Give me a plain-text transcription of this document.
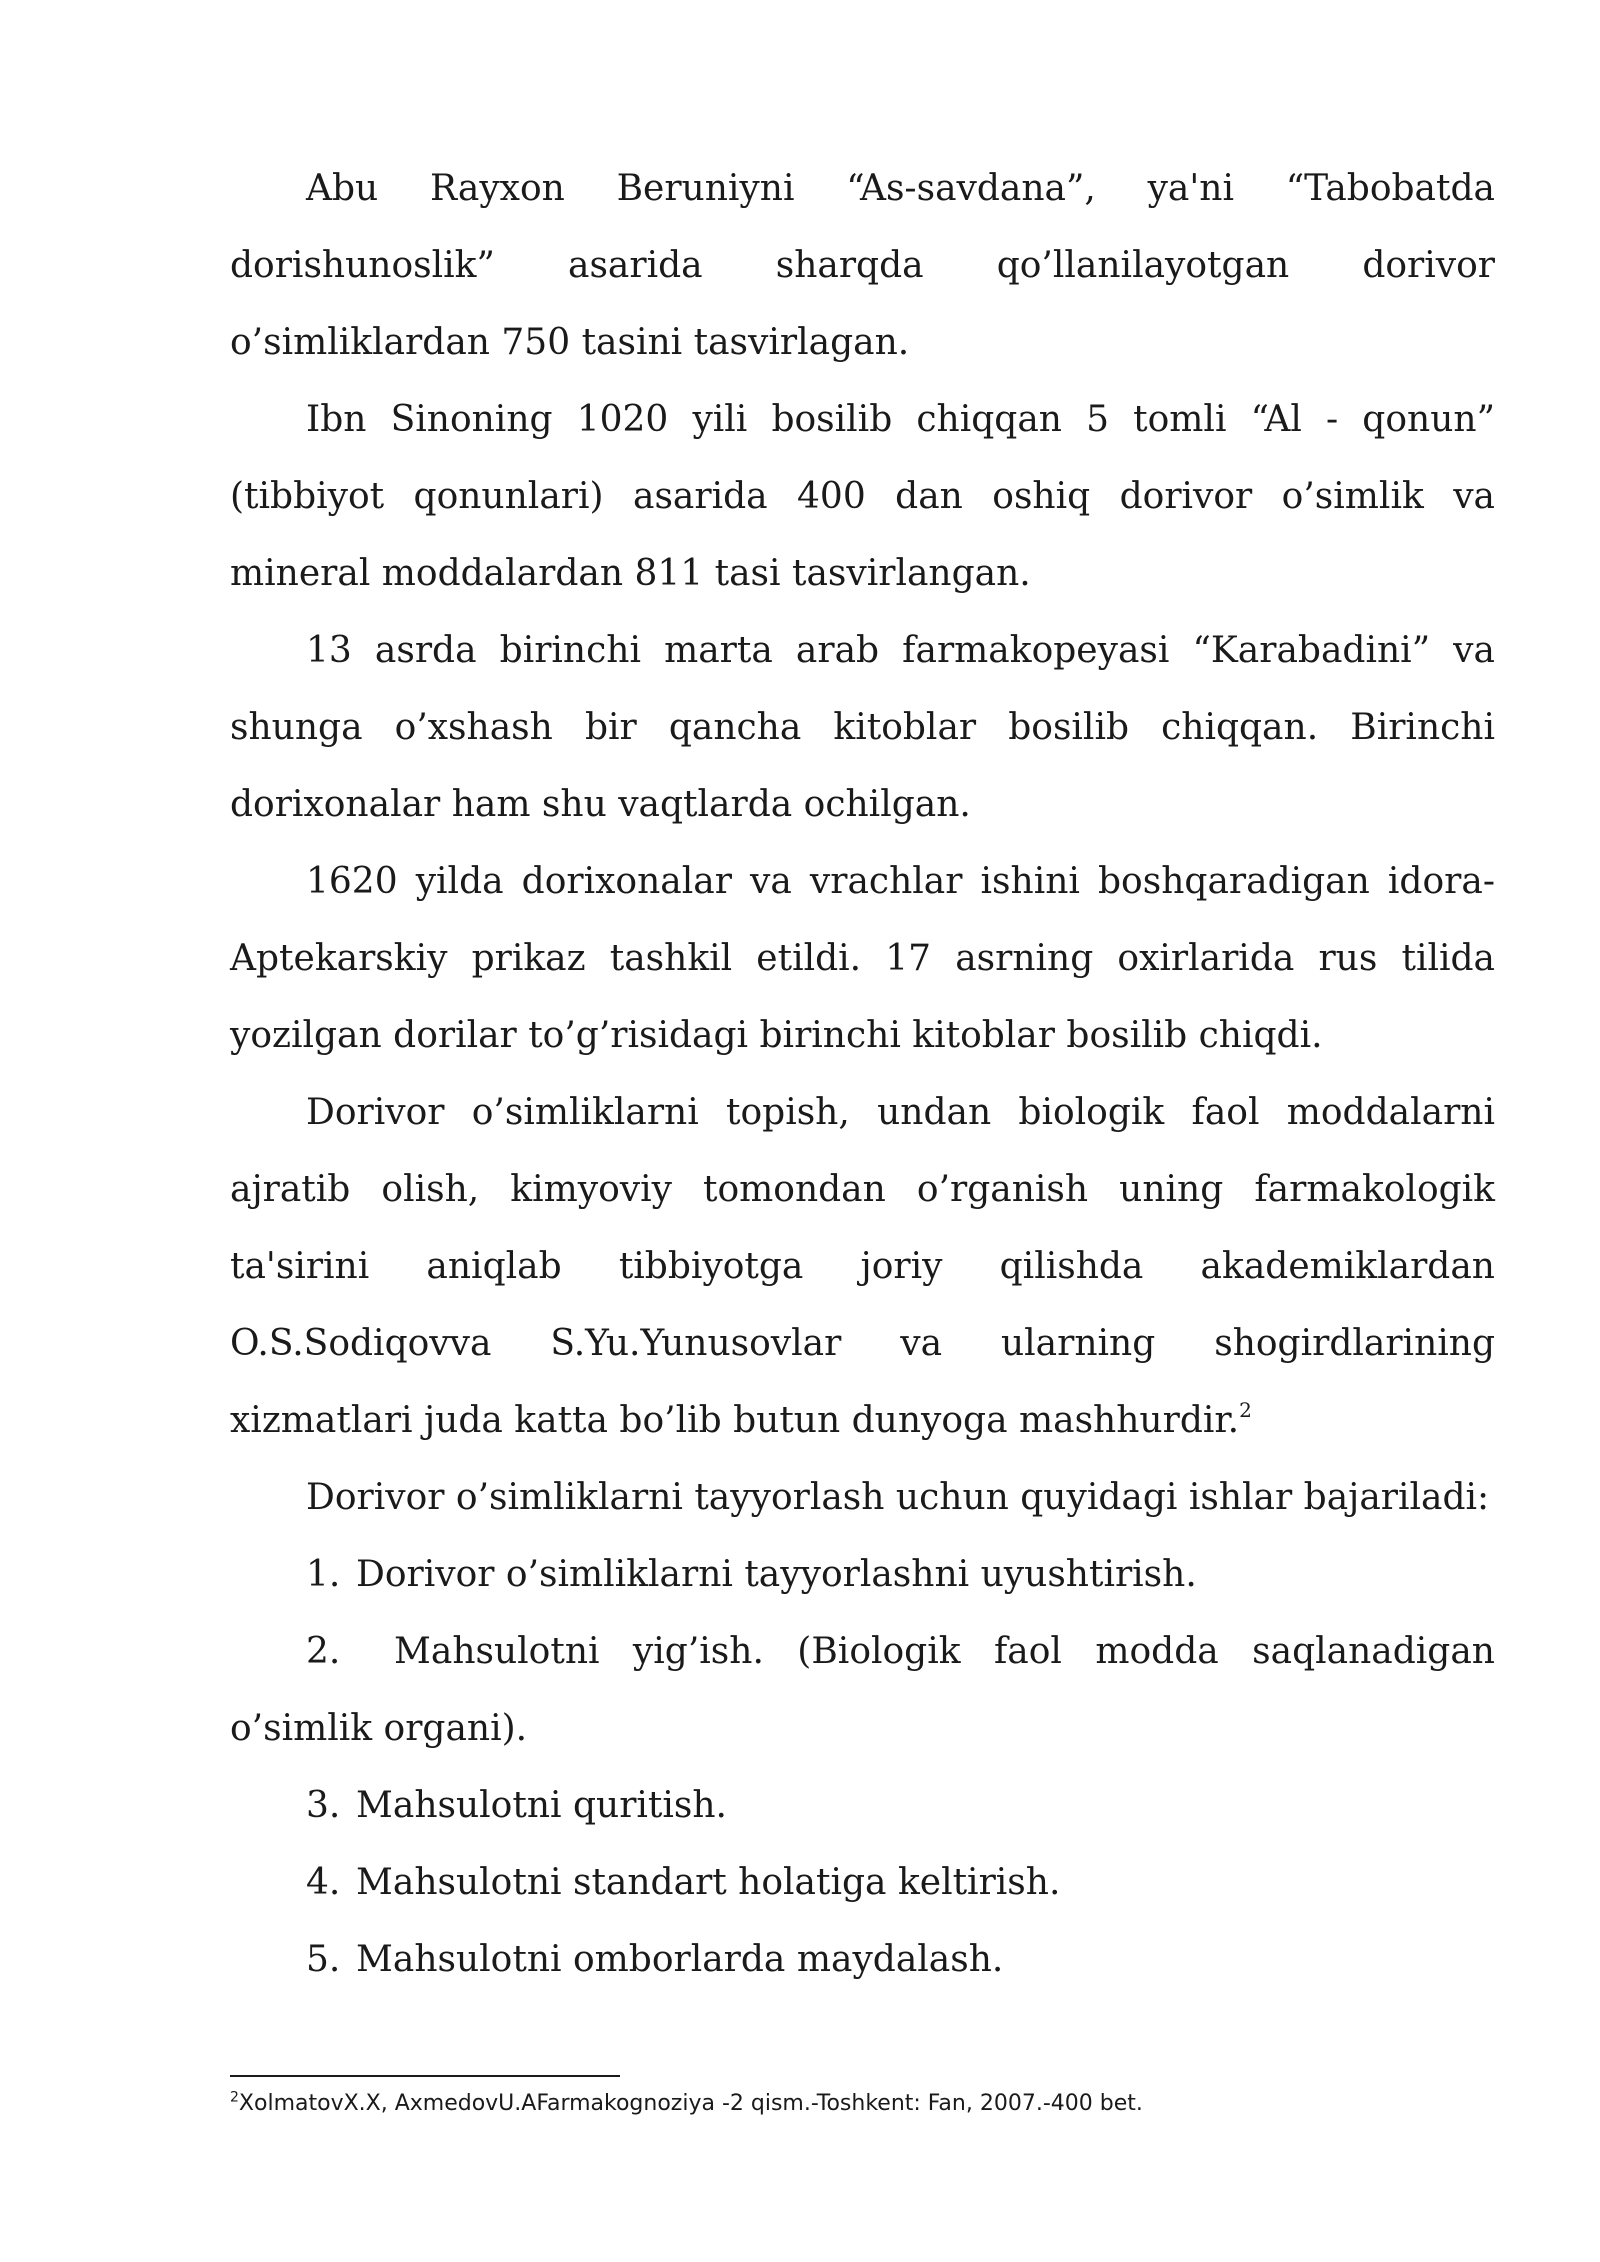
Abu Rayxon Beruniyni “As-savdana”, ya'ni “Tabobatda dorishunoslik” asarida sharqda qo’llanilayotgan dorivor o’simliklardan 750 tasini tasvirlagan.

Ibn Sinoning 1020 yili bosilib chiqqan 5 tomli “Al - qonun” (tibbiyot qonunlari) asarida 400 dan oshiq dorivor o’simlik va mineral moddalardan 811 tasi tasvirlangan.

13 asrda birinchi marta arab farmakopeyasi “Karabadini” va shunga o’xshash bir qancha kitoblar bosilib chiqqan. Birinchi dorixonalar ham shu vaqtlarda ochilgan.

1620 yilda dorixonalar va vrachlar ishini boshqaradigan idora-Aptekarskiy prikaz tashkil etildi. 17 asrning oxirlarida rus tilida yozilgan dorilar to’g’risidagi birinchi kitoblar bosilib chiqdi.

Dorivor o’simliklarni topish, undan biologik faol moddalarni ajratib olish, kimyoviy tomondan o’rganish uning farmakologik ta'sirini aniqlab tibbiyotga joriy qilishda akademiklardan O.S.Sodiqovva S.Yu.Yunusovlar va ularning shogirdlarining xizmatlari juda katta bo’lib butun dunyoga mashhurdir.$^2$

Dorivor o’simliklarni tayyorlash uchun quyidagi ishlar bajariladi:

1. Dorivor o’simliklarni tayyorlashni uyushtirish.

2. Mahsulotni yig’ish. (Biologik faol modda saqlanadigan o’simlik organi).

3. Mahsulotni quritish.

4. Mahsulotni standart holatiga keltirish.

5. Mahsulotni omborlarda maydalash.

$^2$XolmatovX.X, AxmedovU.AFarmakognoziya -2 qism.-Toshkent: Fan, 2007.-400 bet.
